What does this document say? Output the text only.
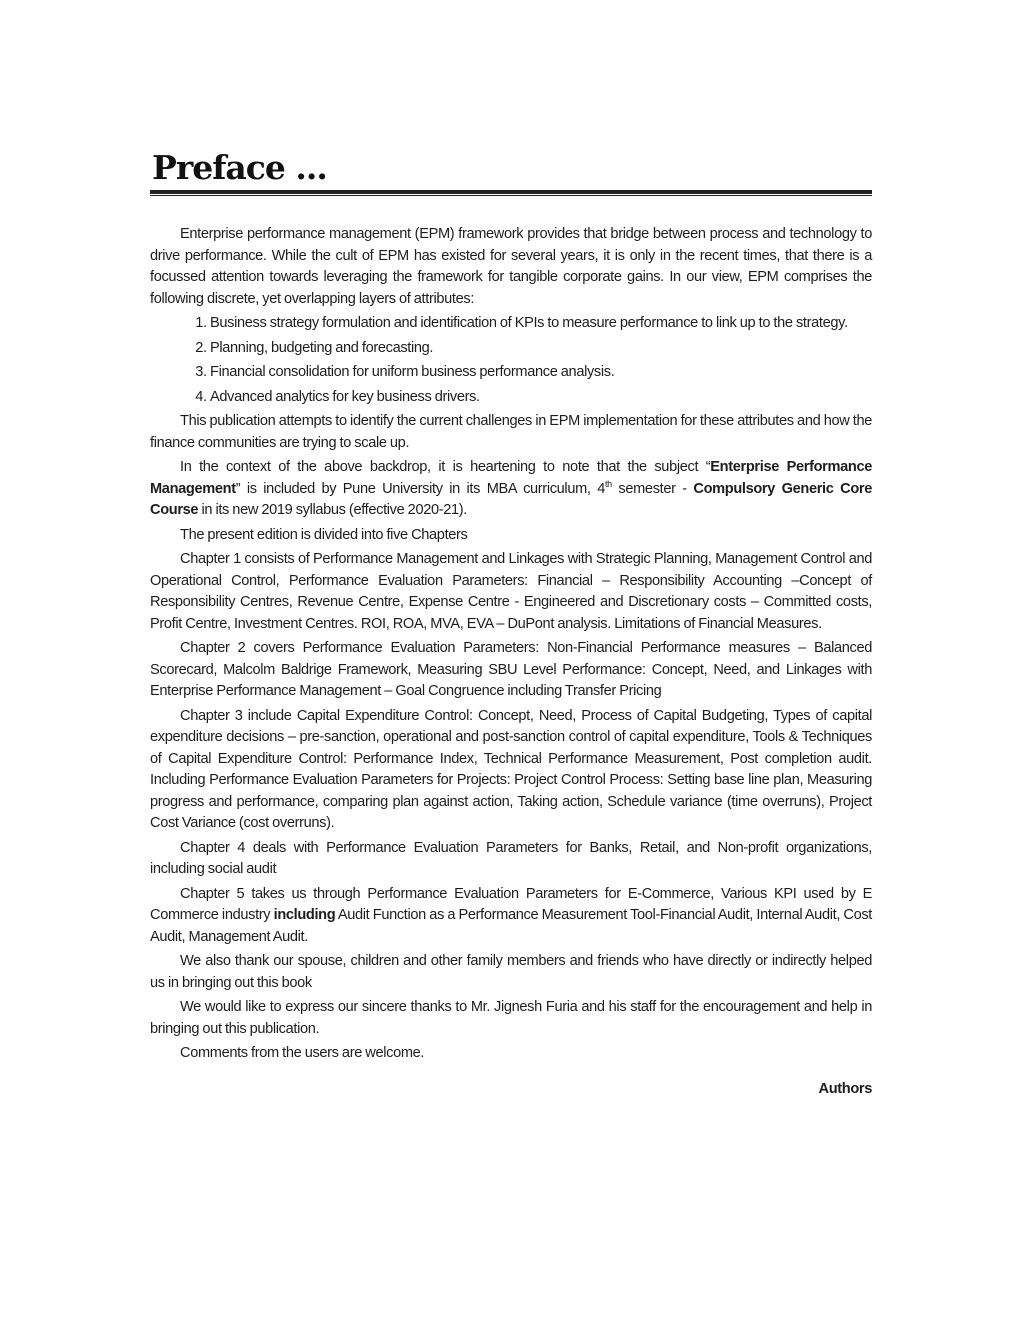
Preface ...

Enterprise performance management (EPM) framework provides that bridge between process and technology to drive performance. While the cult of EPM has existed for several years, it is only in the recent times, that there is a focussed attention towards leveraging the framework for tangible corporate gains. In our view, EPM comprises the following discrete, yet overlapping layers of attributes:

1. Business strategy formulation and identification of KPIs to measure performance to link up to the strategy.
2. Planning, budgeting and forecasting.
3. Financial consolidation for uniform business performance analysis.
4. Advanced analytics for key business drivers.

This publication attempts to identify the current challenges in EPM implementation for these attributes and how the finance communities are trying to scale up.

In the context of the above backdrop, it is heartening to note that the subject “Enterprise Performance Management” is included by Pune University in its MBA curriculum, 4th semester - Compulsory Generic Core Course in its new 2019 syllabus (effective 2020-21).

The present edition is divided into five Chapters

Chapter 1 consists of Performance Management and Linkages with Strategic Planning, Management Control and Operational Control, Performance Evaluation Parameters: Financial – Responsibility Accounting –Concept of Responsibility Centres, Revenue Centre, Expense Centre - Engineered and Discretionary costs – Committed costs, Profit Centre, Investment Centres. ROI, ROA, MVA, EVA – DuPont analysis. Limitations of Financial Measures.

Chapter 2 covers Performance Evaluation Parameters: Non-Financial Performance measures – Balanced Scorecard, Malcolm Baldrige Framework, Measuring SBU Level Performance: Concept, Need, and Linkages with Enterprise Performance Management – Goal Congruence including Transfer Pricing

Chapter 3 include Capital Expenditure Control: Concept, Need, Process of Capital Budgeting, Types of capital expenditure decisions – pre-sanction, operational and post-sanction control of capital expenditure, Tools & Techniques of Capital Expenditure Control: Performance Index, Technical Performance Measurement, Post completion audit. Including Performance Evaluation Parameters for Projects: Project Control Process: Setting base line plan, Measuring progress and performance, comparing plan against action, Taking action, Schedule variance (time overruns), Project Cost Variance (cost overruns).

Chapter 4 deals with Performance Evaluation Parameters for Banks, Retail, and Non-profit organizations, including social audit

Chapter 5 takes us through Performance Evaluation Parameters for E-Commerce, Various KPI used by E Commerce industry including Audit Function as a Performance Measurement Tool-Financial Audit, Internal Audit, Cost Audit, Management Audit.

We also thank our spouse, children and other family members and friends who have directly or indirectly helped us in bringing out this book

We would like to express our sincere thanks to Mr. Jignesh Furia and his staff for the encouragement and help in bringing out this publication.

Comments from the users are welcome.

Authors
